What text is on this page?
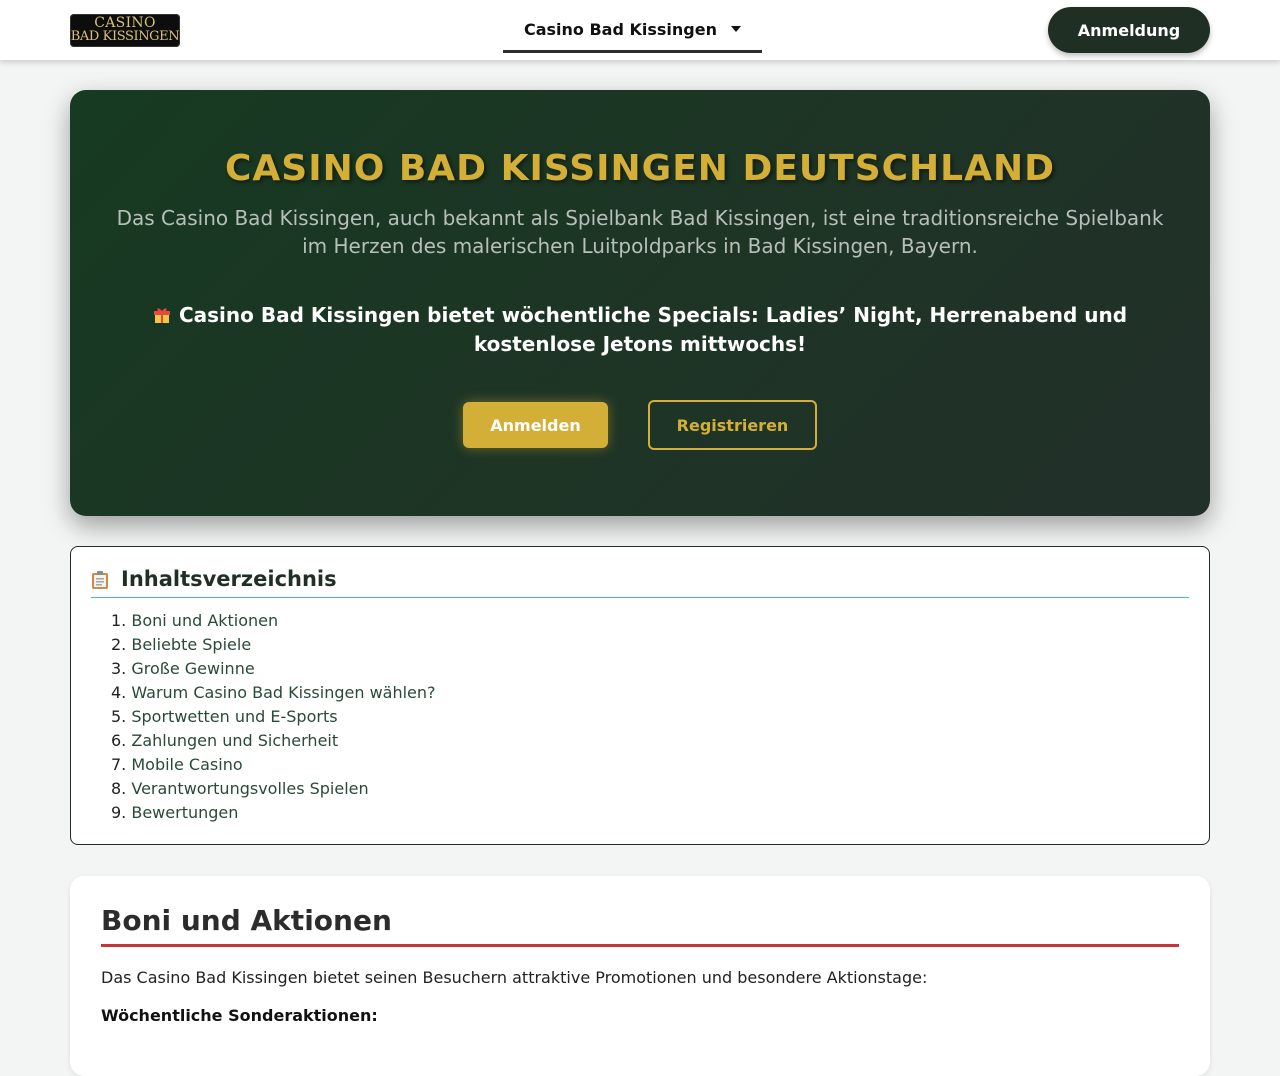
CASINO
BAD KISSINGEN	Casino Bad Kissingen	Anmeldung
CASINO BAD KISSINGEN DEUTSCHLAND
Das Casino Bad Kissingen, auch bekannt als Spielbank Bad Kissingen, ist eine traditionsreiche Spielbank im Herzen des malerischen Luitpoldparks in Bad Kissingen, Bayern.
Casino Bad Kissingen bietet wöchentliche Specials: Ladies’ Night, Herrenabend und kostenlose Jetons mittwochs!
Anmelden	Registrieren
Inhaltsverzeichnis
1. Boni und Aktionen
2. Beliebte Spiele
3. Große Gewinne
4. Warum Casino Bad Kissingen wählen?
5. Sportwetten und E-Sports
6. Zahlungen und Sicherheit
7. Mobile Casino
8. Verantwortungsvolles Spielen
9. Bewertungen
Boni und Aktionen
Das Casino Bad Kissingen bietet seinen Besuchern attraktive Promotionen und besondere Aktionstage:
Wöchentliche Sonderaktionen:
